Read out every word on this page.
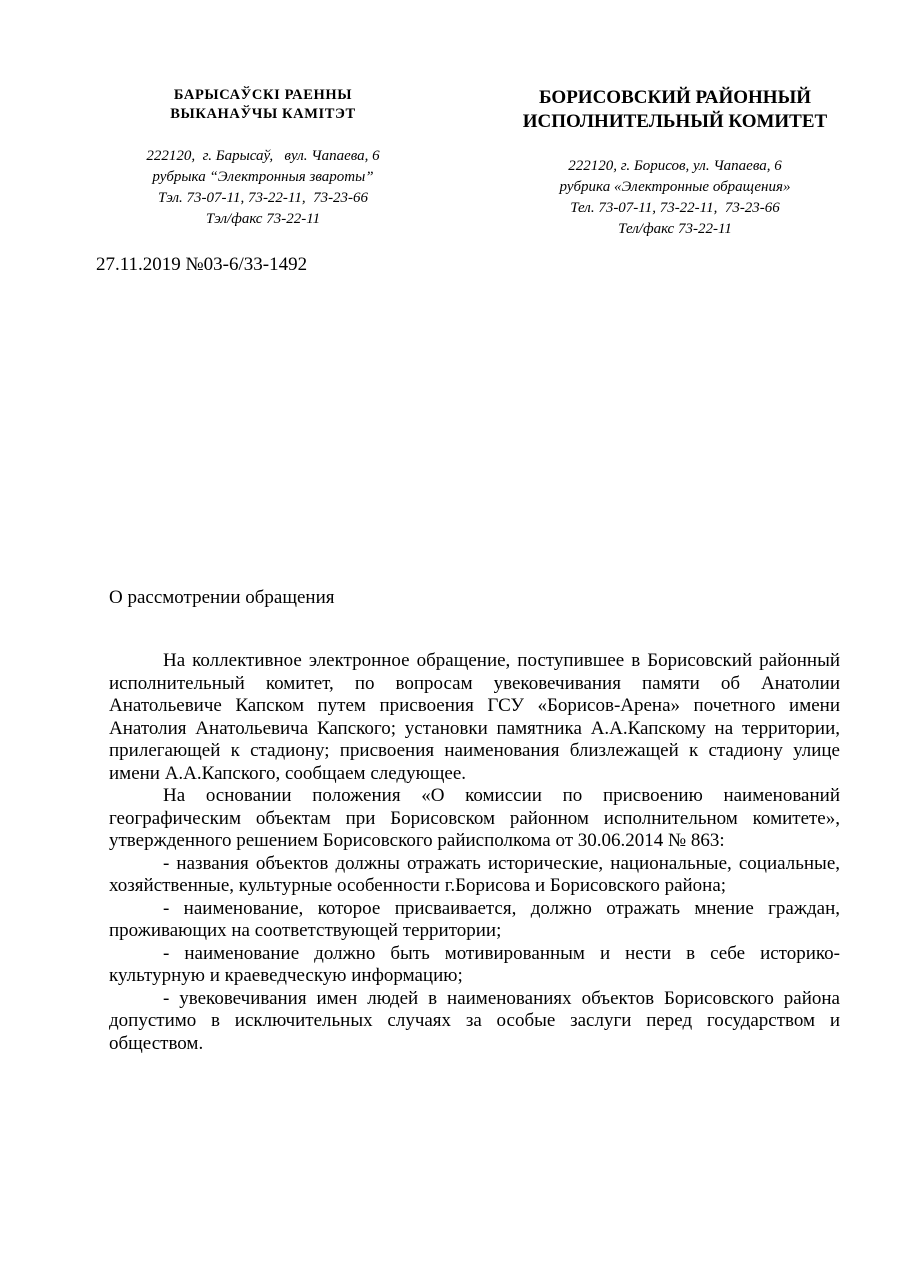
БАРЫСАЎСКІ РАЕННЫ
ВЫКАНАЎЧЫ КАМІТЭТ
222120,  г. Барысаў,   вул. Чапаева, 6
рубрыка “Электронныя звароты”
Тэл. 73-07-11, 73-22-11,  73-23-66
Тэл/факс 73-22-11
БОРИСОВСКИЙ РАЙОННЫЙ
ИСПОЛНИТЕЛЬНЫЙ КОМИТЕТ
222120, г. Борисов, ул. Чапаева, 6
рубрика «Электронные обращения»
Тел. 73-07-11, 73-22-11,  73-23-66
Тел/факс 73-22-11
27.11.2019 №03-6/33-1492
О рассмотрении обращения

На коллективное электронное обращение, поступившее в Борисовский районный исполнительный комитет, по вопросам увековечивания памяти об Анатолии Анатольевиче Капском путем присвоения ГСУ «Борисов-Арена» почетного имени Анатолия Анатольевича Капского; установки памятника А.А.Капскому на территории, прилегающей к стадиону; присвоения наименования близлежащей к стадиону улице имени А.А.Капского, сообщаем следующее.

На основании положения «О комиссии по присвоению наименований географическим объектам при Борисовском районном исполнительном комитете», утвержденного решением Борисовского райисполкома от 30.06.2014 № 863:

- названия объектов должны отражать исторические, национальные, социальные, хозяйственные, культурные особенности г.Борисова и Борисовского района;

- наименование, которое присваивается, должно отражать мнение граждан, проживающих на соответствующей территории;

- наименование должно быть мотивированным и нести в себе историко-культурную и краеведческую информацию;

- увековечивания имен людей в наименованиях объектов Борисовского района допустимо в исключительных случаях за особые заслуги перед государством и обществом.
